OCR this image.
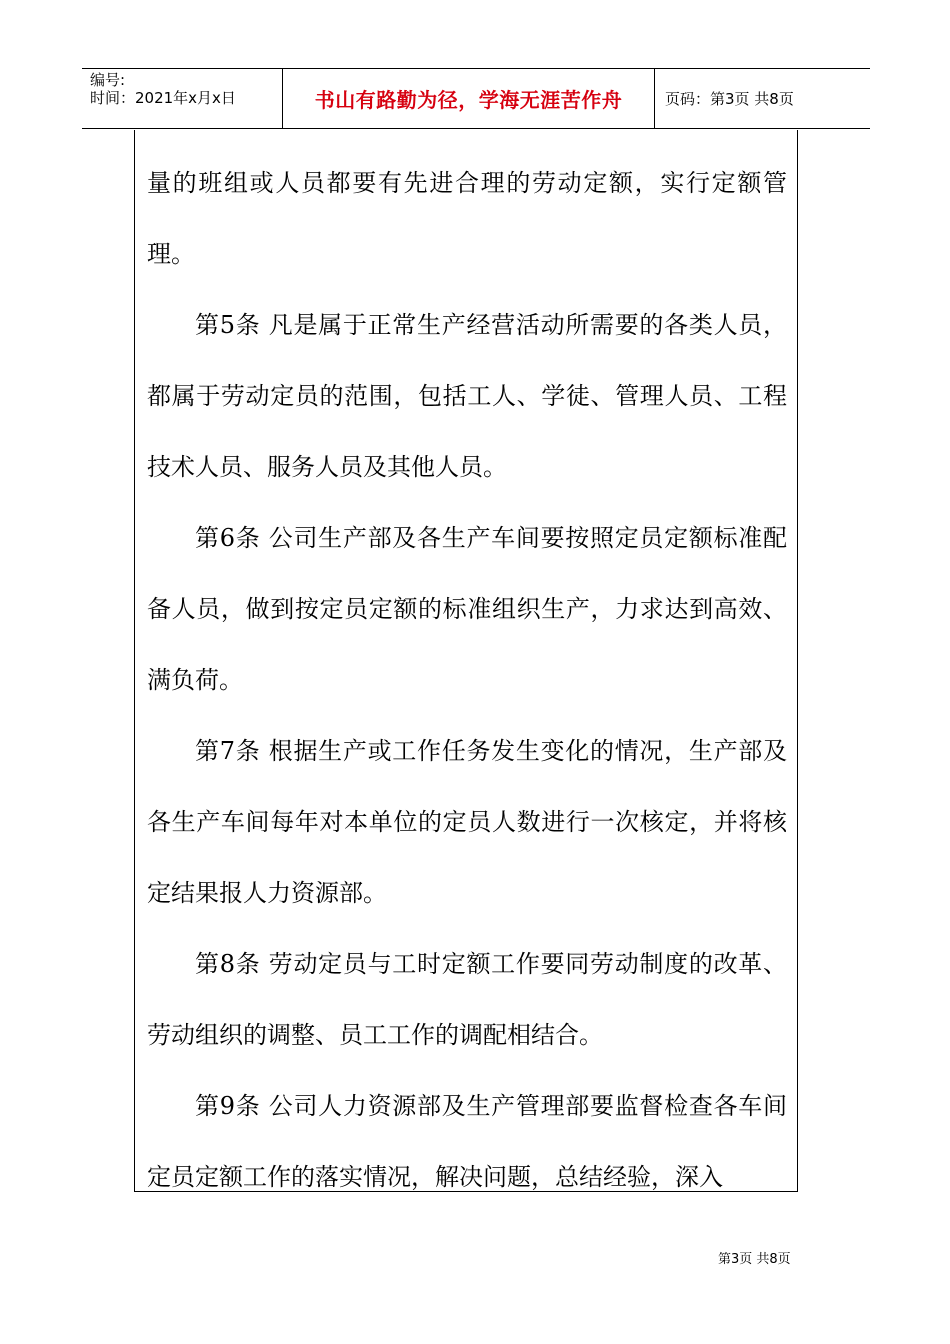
编号:
时间：2021年x月x日	书山有路勤为径，学海无涯苦作舟	页码：第3页 共8页

量的班组或人员都要有先进合理的劳动定额，实行定额管理。

第5条 凡是属于正常生产经营活动所需要的各类人员，都属于劳动定员的范围，包括工人、学徒、管理人员、工程技术人员、服务人员及其他人员。

第6条 公司生产部及各生产车间要按照定员定额标准配备人员，做到按定员定额的标准组织生产，力求达到高效、满负荷。

第7条 根据生产或工作任务发生变化的情况，生产部及各生产车间每年对本单位的定员人数进行一次核定，并将核定结果报人力资源部。

第8条 劳动定员与工时定额工作要同劳动制度的改革、劳动组织的调整、员工工作的调配相结合。

第9条 公司人力资源部及生产管理部要监督检查各车间定员定额工作的落实情况，解决问题，总结经验，深入

第3页 共8页
